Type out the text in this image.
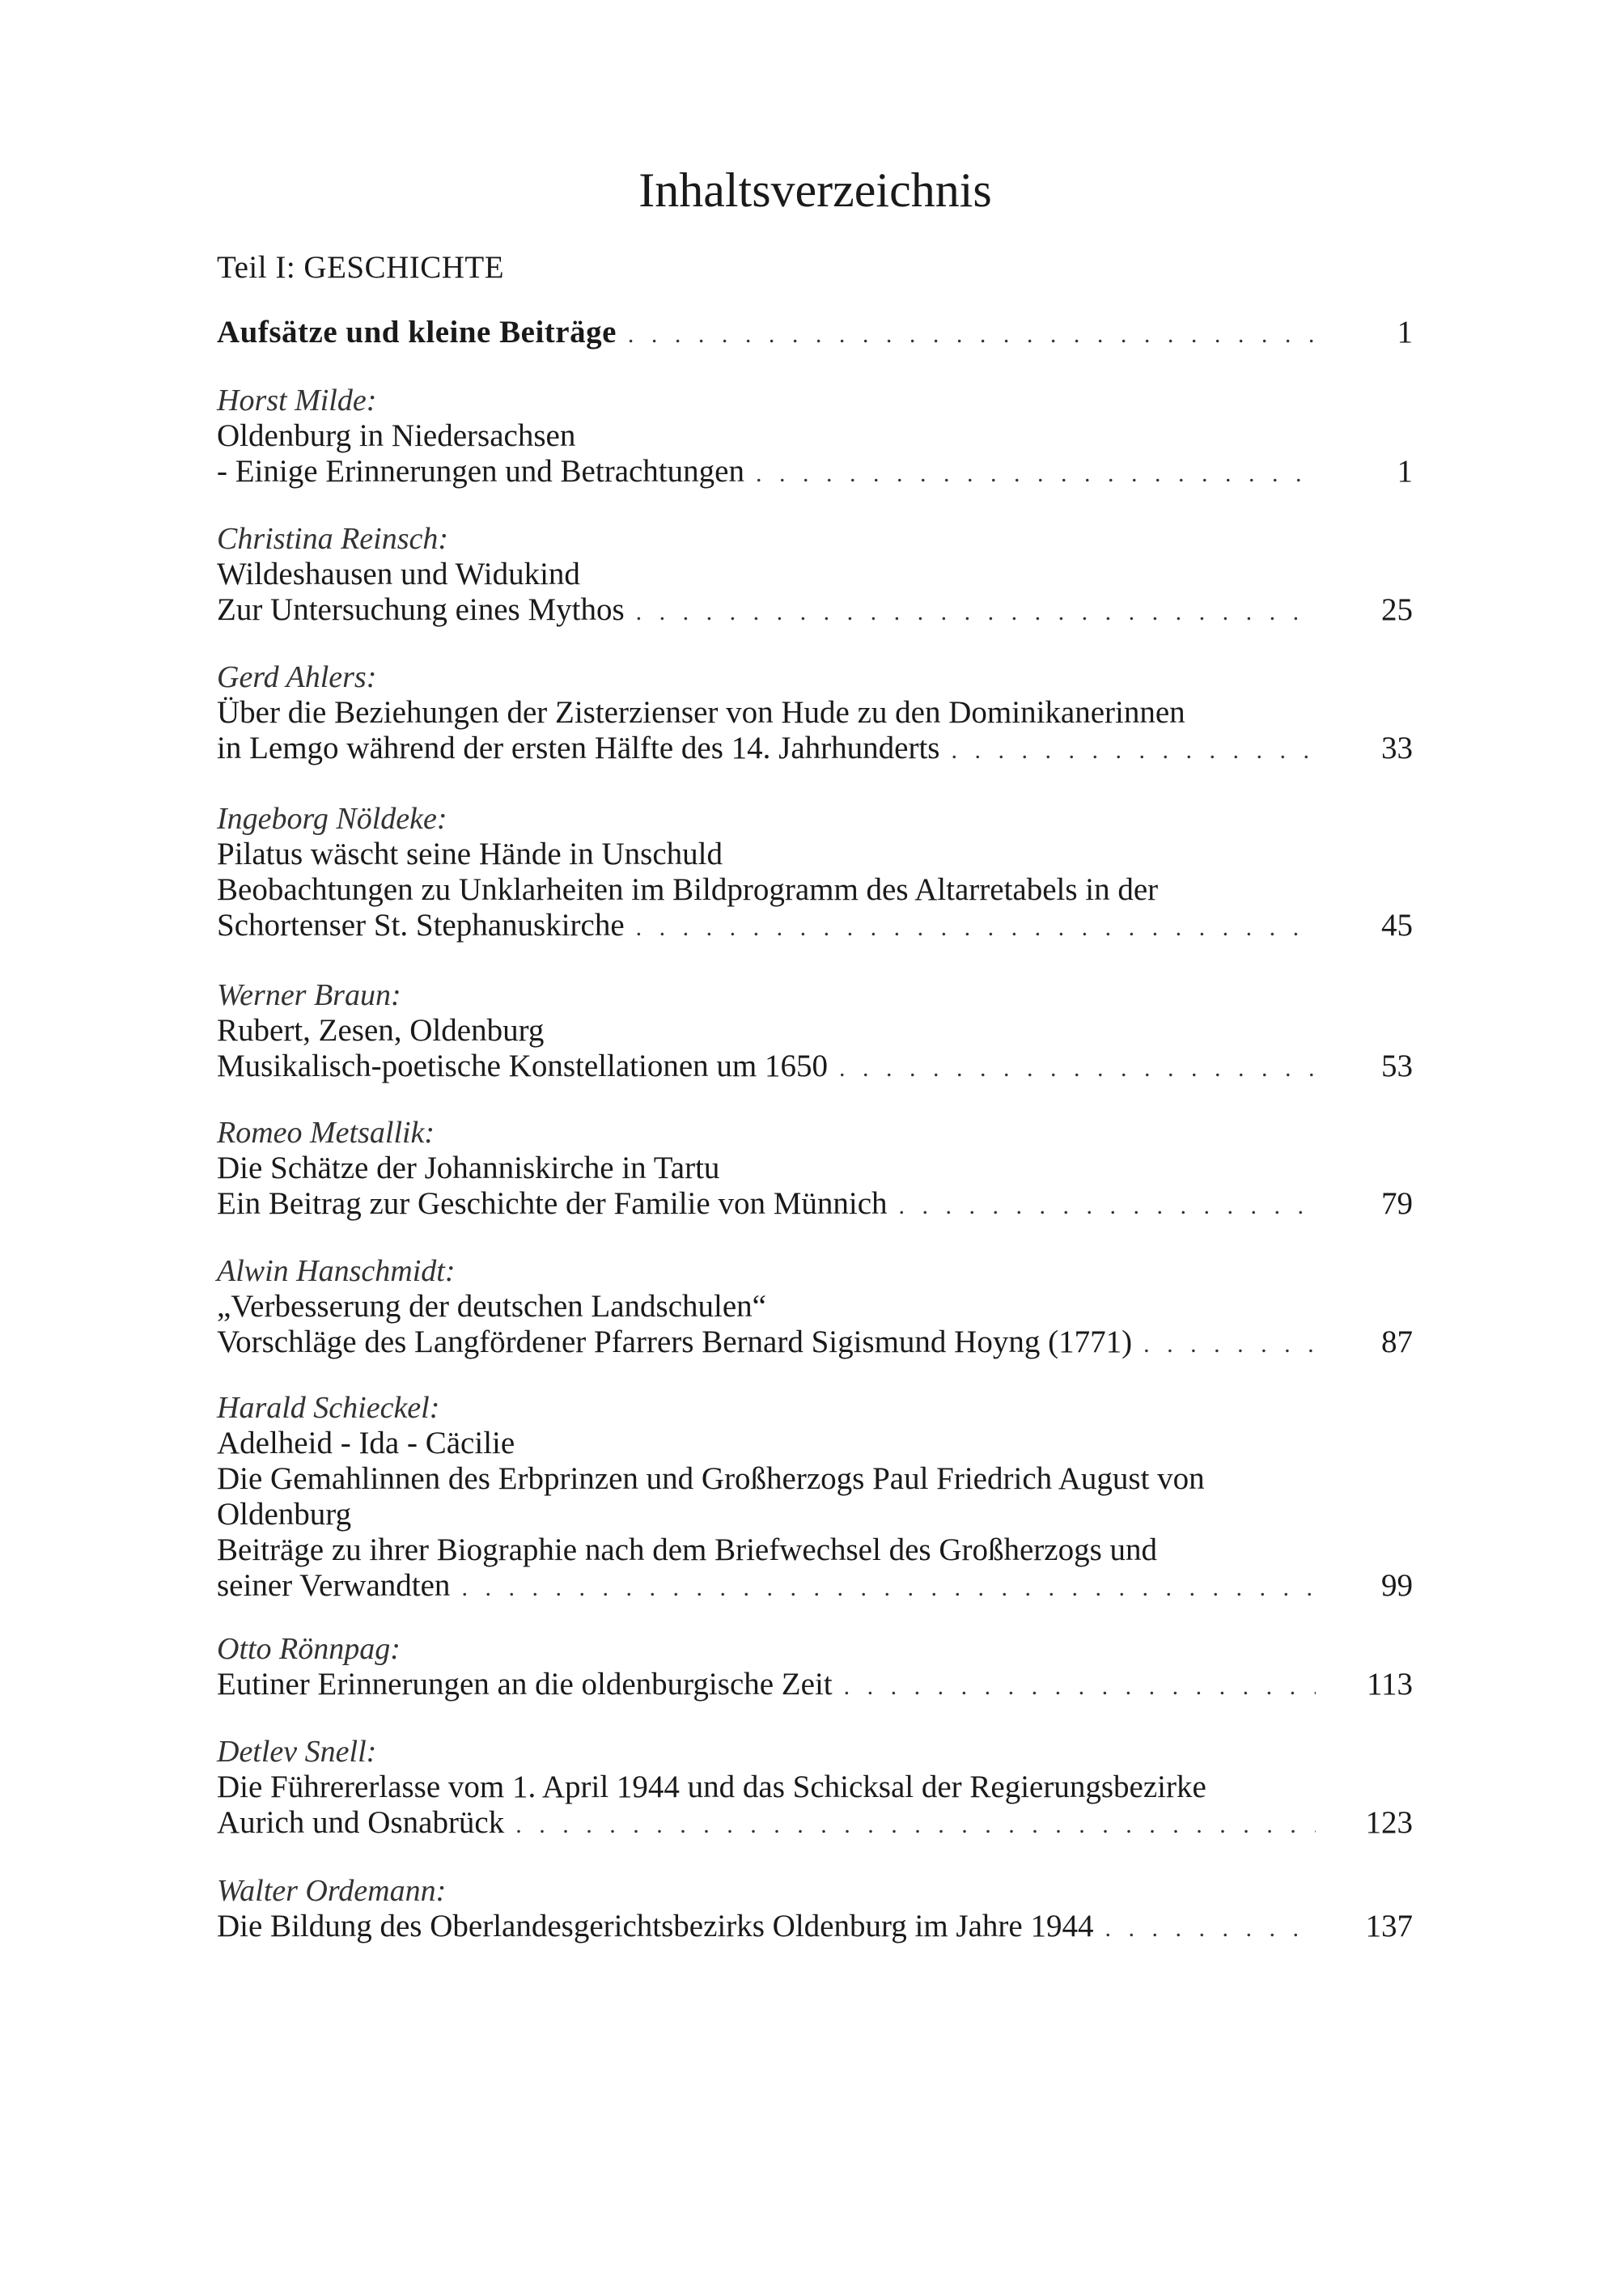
Inhaltsverzeichnis
Teil I: GESCHICHTE
Aufsätze und kleine Beiträge . . .	1
Horst Milde:
Oldenburg in Niedersachsen
- Einige Erinnerungen und Betrachtungen . . .	1
Christina Reinsch:
Wildeshausen und Widukind
Zur Untersuchung eines Mythos . . .	25
Gerd Ahlers:
Über die Beziehungen der Zisterzienser von Hude zu den Dominikanerinnen
in Lemgo während der ersten Hälfte des 14. Jahrhunderts . . .	33
Ingeborg Nöldeke:
Pilatus wäscht seine Hände in Unschuld
Beobachtungen zu Unklarheiten im Bildprogramm des Altarretabels in der
Schortenser St. Stephanuskirche . . .	45
Werner Braun:
Rubert, Zesen, Oldenburg
Musikalisch-poetische Konstellationen um 1650 . . .	53
Romeo Metsallik:
Die Schätze der Johanniskirche in Tartu
Ein Beitrag zur Geschichte der Familie von Münnich . . .	79
Alwin Hanschmidt:
„Verbesserung der deutschen Landschulen“
Vorschläge des Langfördener Pfarrers Bernard Sigismund Hoyng (1771) . . .	87
Harald Schieckel:
Adelheid - Ida - Cäcilie
Die Gemahlinnen des Erbprinzen und Großherzogs Paul Friedrich August von
Oldenburg
Beiträge zu ihrer Biographie nach dem Briefwechsel des Großherzogs und
seiner Verwandten . . .	99
Otto Rönnpag:
Eutiner Erinnerungen an die oldenburgische Zeit . . .	113
Detlev Snell:
Die Führererlasse vom 1. April 1944 und das Schicksal der Regierungsbezirke
Aurich und Osnabrück . . .	123
Walter Ordemann:
Die Bildung des Oberlandesgerichtsbezirks Oldenburg im Jahre 1944 . . .	137
